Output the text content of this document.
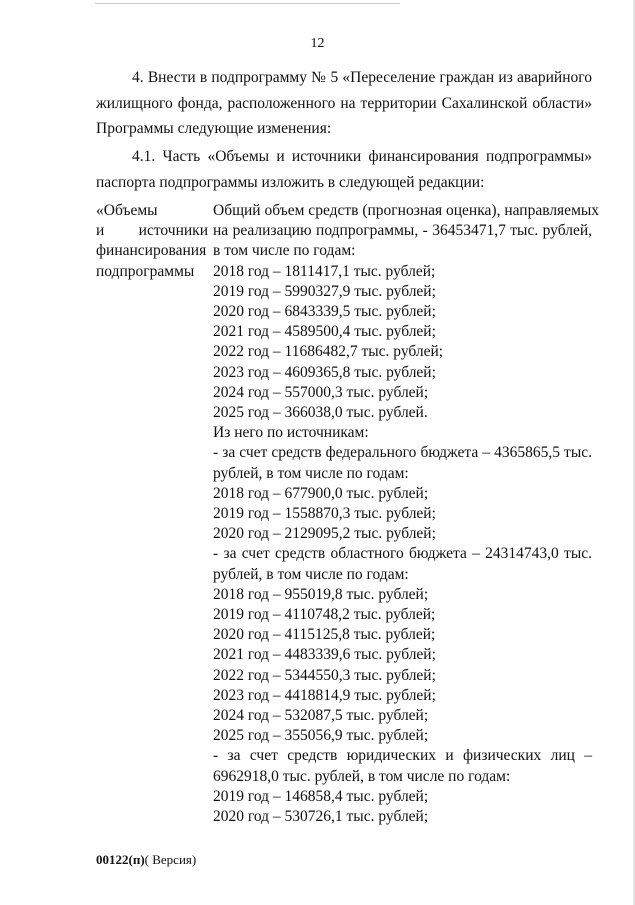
12
4. Внести в подпрограмму № 5 «Переселение граждан из аварийного
жилищного фонда, расположенного на территории Сахалинской области»
Программы следующие изменения:
4.1. Часть «Объемы и источники финансирования подпрограммы»
паспорта подпрограммы изложить в следующей редакции:
«Объемы
и источники
финансирования
подпрограммы
Общий объем средств (прогнозная оценка), направляемых
на реализацию подпрограммы, - 36453471,7 тыс. рублей,
в том числе по годам:
2018 год – 1811417,1 тыс. рублей;
2019 год – 5990327,9 тыс. рублей;
2020 год – 6843339,5 тыс. рублей;
2021 год – 4589500,4 тыс. рублей;
2022 год – 11686482,7 тыс. рублей;
2023 год – 4609365,8 тыс. рублей;
2024 год – 557000,3 тыс. рублей;
2025 год – 366038,0 тыс. рублей.
Из него по источникам:
- за счет средств федерального бюджета – 4365865,5 тыс.
рублей, в том числе по годам:
2018 год – 677900,0 тыс. рублей;
2019 год – 1558870,3 тыс. рублей;
2020 год – 2129095,2 тыс. рублей;
- за счет средств областного бюджета – 24314743,0 тыс.
рублей, в том числе по годам:
2018 год – 955019,8 тыс. рублей;
2019 год – 4110748,2 тыс. рублей;
2020 год – 4115125,8 тыс. рублей;
2021 год – 4483339,6 тыс. рублей;
2022 год – 5344550,3 тыс. рублей;
2023 год – 4418814,9 тыс. рублей;
2024 год – 532087,5 тыс. рублей;
2025 год – 355056,9 тыс. рублей;
- за счет средств юридических и физических лиц –
6962918,0 тыс. рублей, в том числе по годам:
2019 год – 146858,4 тыс. рублей;
2020 год – 530726,1 тыс. рублей;
00122(п)( Версия)
